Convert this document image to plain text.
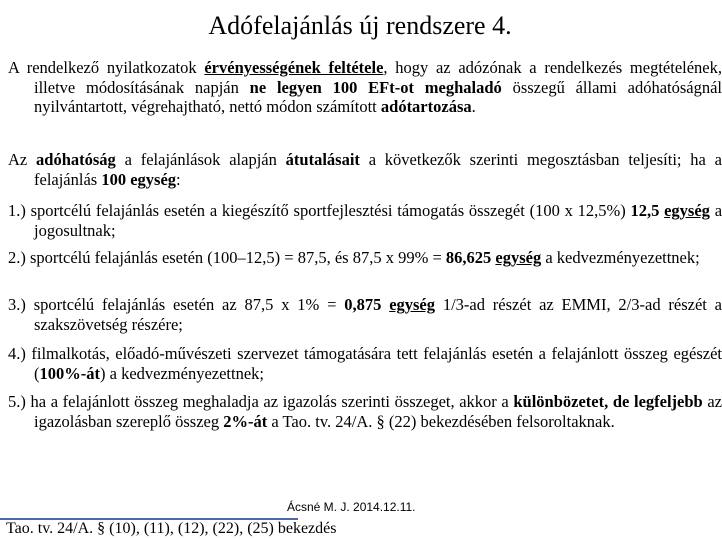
Adófelajánlás új rendszere 4.
A rendelkező nyilatkozatok érvényességének feltétele, hogy az adózónak a rendelkezés megtételének, illetve módosításának napján ne legyen 100 EFt-ot meghaladó összegű állami adóhatóságnál nyilvántartott, végrehajtható, nettó módon számított adótartozása.
Az adóhatóság a felajánlások alapján átutalásait a következők szerinti megosztásban teljesíti; ha a felajánlás 100 egység:
1.) sportcélú felajánlás esetén a kiegészítő sportfejlesztési támogatás összegét (100 x 12,5%) 12,5 egység a jogosultnak;
2.) sportcélú felajánlás esetén (100–12,5) = 87,5, és 87,5 x 99% = 86,625 egység a kedvezményezettnek;
3.) sportcélú felajánlás esetén az 87,5 x 1% = 0,875 egység 1/3-ad részét az EMMI, 2/3-ad részét a szakszövetség részére;
4.) filmalkotás, előadó-művészeti szervezet támogatására tett felajánlás esetén a felajánlott összeg egészét (100%-át) a kedvezményezettnek;
5.) ha a felajánlott összeg meghaladja az igazolás szerinti összeget, akkor a különbözetet, de legfeljebb az igazolásban szereplő összeg 2%-át a Tao. tv. 24/A. § (22) bekezdésében felsoroltaknak.
Ácsné M. J. 2014.12.11.
Tao. tv. 24/A. § (10), (11), (12), (22), (25) bekezdés
